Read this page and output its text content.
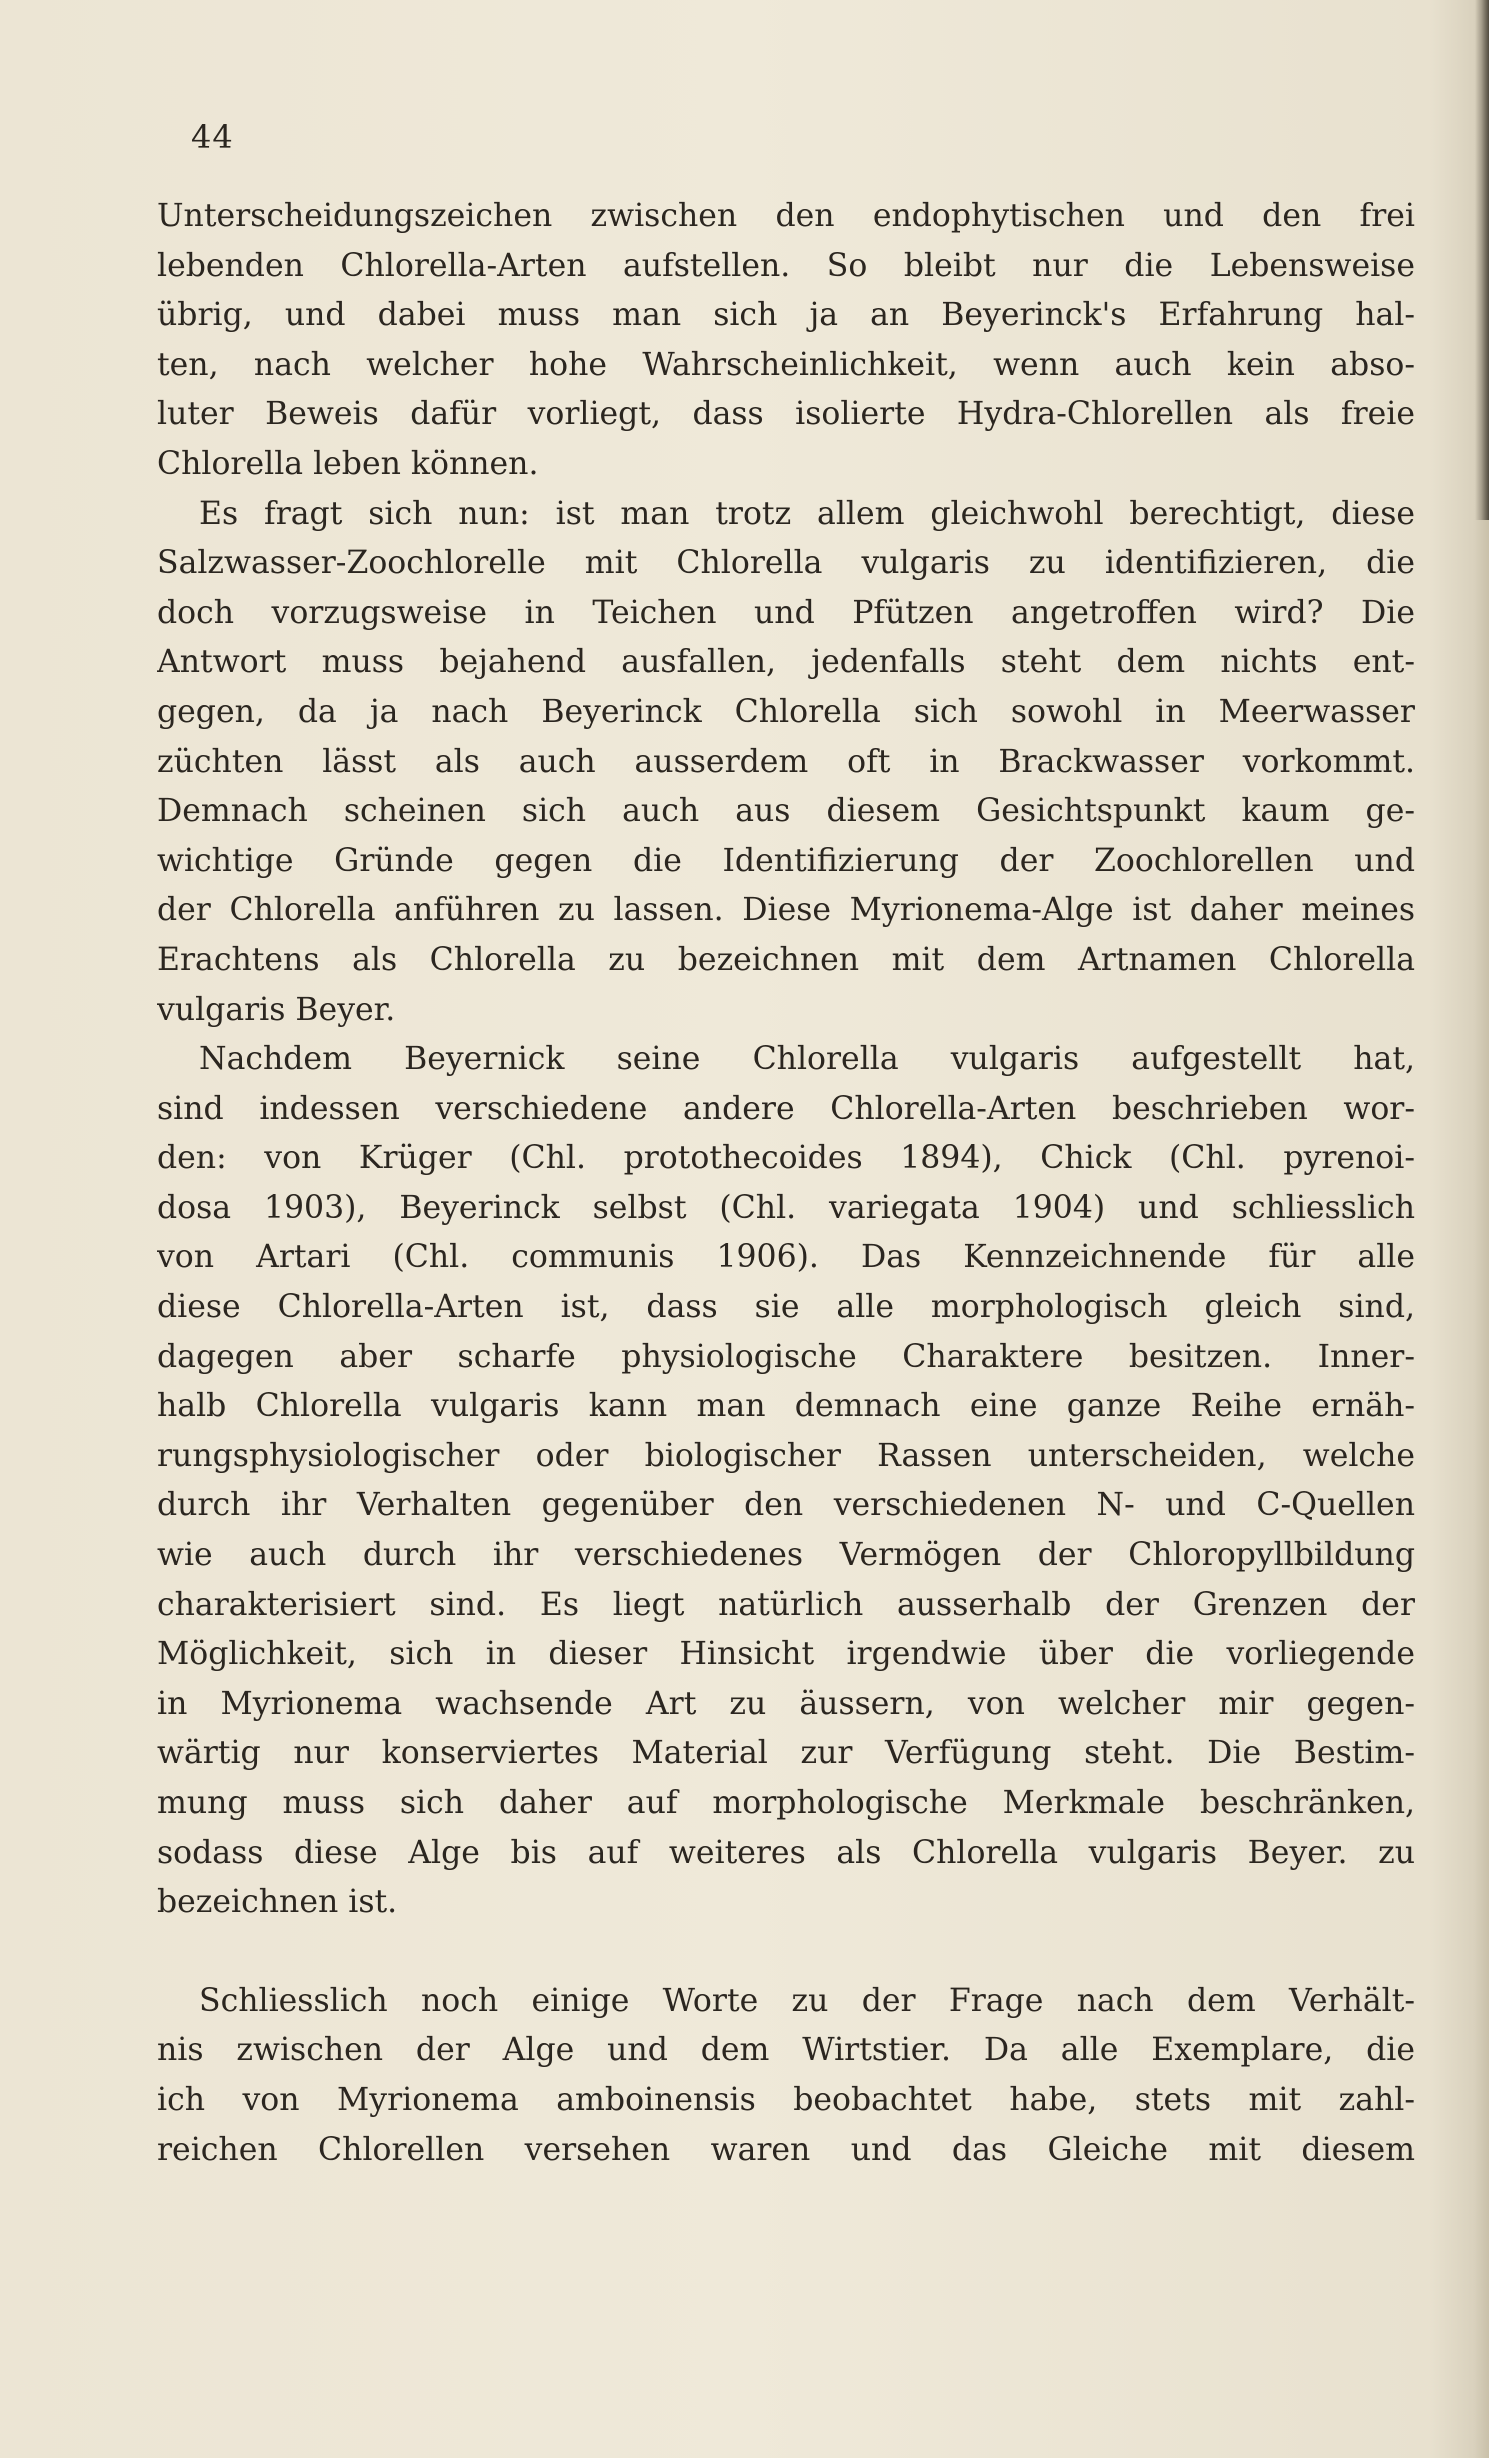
44
Unterscheidungszeichen zwischen den endophytischen und den frei
lebenden Chlorella-Arten aufstellen. So bleibt nur die Lebensweise
übrig, und dabei muss man sich ja an Beyerinck's Erfahrung hal-
ten, nach welcher hohe Wahrscheinlichkeit, wenn auch kein abso-
luter Beweis dafür vorliegt, dass isolierte Hydra-Chlorellen als freie
Chlorella leben können.
Es fragt sich nun: ist man trotz allem gleichwohl berechtigt, diese
Salzwasser-Zoochlorelle mit Chlorella vulgaris zu identifizieren, die
doch vorzugsweise in Teichen und Pfützen angetroffen wird? Die
Antwort muss bejahend ausfallen, jedenfalls steht dem nichts ent-
gegen, da ja nach Beyerinck Chlorella sich sowohl in Meerwasser
züchten lässt als auch ausserdem oft in Brackwasser vorkommt.
Demnach scheinen sich auch aus diesem Gesichtspunkt kaum ge-
wichtige Gründe gegen die Identifizierung der Zoochlorellen und
der Chlorella anführen zu lassen. Diese Myrionema-Alge ist daher meines
Erachtens als Chlorella zu bezeichnen mit dem Artnamen Chlorella
vulgaris Beyer.
Nachdem Beyernick seine Chlorella vulgaris aufgestellt hat,
sind indessen verschiedene andere Chlorella-Arten beschrieben wor-
den: von Krüger (Chl. protothecoides 1894), Chick (Chl. pyrenoi-
dosa 1903), Beyerinck selbst (Chl. variegata 1904) und schliesslich
von Artari (Chl. communis 1906). Das Kennzeichnende für alle
diese Chlorella-Arten ist, dass sie alle morphologisch gleich sind,
dagegen aber scharfe physiologische Charaktere besitzen. Inner-
halb Chlorella vulgaris kann man demnach eine ganze Reihe ernäh-
rungsphysiologischer oder biologischer Rassen unterscheiden, welche
durch ihr Verhalten gegenüber den verschiedenen N- und C-Quellen
wie auch durch ihr verschiedenes Vermögen der Chloropyllbildung
charakterisiert sind. Es liegt natürlich ausserhalb der Grenzen der
Möglichkeit, sich in dieser Hinsicht irgendwie über die vorliegende
in Myrionema wachsende Art zu äussern, von welcher mir gegen-
wärtig nur konserviertes Material zur Verfügung steht. Die Bestim-
mung muss sich daher auf morphologische Merkmale beschränken,
sodass diese Alge bis auf weiteres als Chlorella vulgaris Beyer. zu
bezeichnen ist.
Schliesslich noch einige Worte zu der Frage nach dem Verhält-
nis zwischen der Alge und dem Wirtstier. Da alle Exemplare, die
ich von Myrionema amboinensis beobachtet habe, stets mit zahl-
reichen Chlorellen versehen waren und das Gleiche mit diesem
